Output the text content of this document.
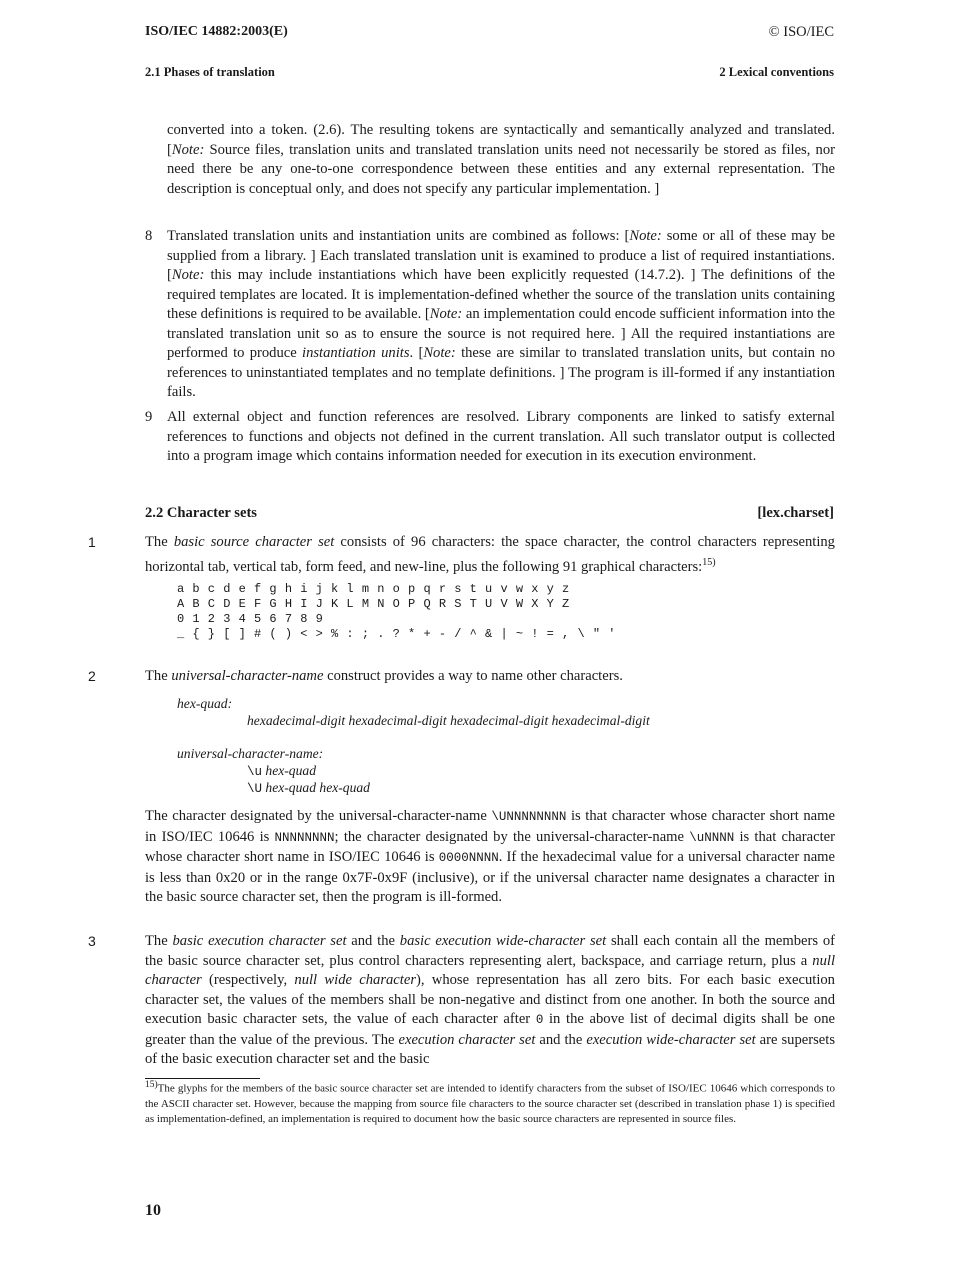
ISO/IEC 14882:2003(E)	© ISO/IEC
2.1 Phases of translation	2 Lexical conventions

converted into a token. (2.6). The resulting tokens are syntactically and semantically analyzed and translated. [Note: Source files, translation units and translated translation units need not necessarily be stored as files, nor need there be any one-to-one correspondence between these entities and any external representation. The description is conceptual only, and does not specify any particular implementation. ]

8 Translated translation units and instantiation units are combined as follows: [Note: some or all of these may be supplied from a library. ] Each translated translation unit is examined to produce a list of required instantiations. [Note: this may include instantiations which have been explicitly requested (14.7.2). ] The definitions of the required templates are located. It is implementation-defined whether the source of the translation units containing these definitions is required to be available. [Note: an implementation could encode sufficient information into the translated translation unit so as to ensure the source is not required here. ] All the required instantiations are performed to produce instantiation units. [Note: these are similar to translated translation units, but contain no references to uninstantiated templates and no template definitions. ] The program is ill-formed if any instantiation fails.

9 All external object and function references are resolved. Library components are linked to satisfy external references to functions and objects not defined in the current translation. All such translator output is collected into a program image which contains information needed for execution in its execution environment.

2.2 Character sets	[lex.charset]
1	The basic source character set consists of 96 characters: the space character, the control characters representing horizontal tab, vertical tab, form feed, and new-line, plus the following 91 graphical characters:$^{15)}$

a b c d e f g h i j k l m n o p q r s t u v w x y z
A B C D E F G H I J K L M N O P Q R S T U V W X Y Z
0 1 2 3 4 5 6 7 8 9
_ { } [ ] # ( ) < > % : ; . ? * + - / ^ & | ~ ! = , \ " '
2	The universal-character-name construct provides a way to name other characters.

hex-quad:
hexadecimal-digit hexadecimal-digit hexadecimal-digit hexadecimal-digit
universal-character-name:
\u hex-quad
\U hex-quad hex-quad

The character designated by the universal-character-name \UNNNNNNNN is that character whose character short name in ISO/IEC 10646 is NNNNNNNN; the character designated by the universal-character-name \uNNNN is that character whose character short name in ISO/IEC 10646 is 0000NNNN. If the hexadecimal value for a universal character name is less than 0x20 or in the range 0x7F-0x9F (inclusive), or if the universal character name designates a character in the basic source character set, then the program is ill-formed.

3	The basic execution character set and the basic execution wide-character set shall each contain all the members of the basic source character set, plus control characters representing alert, backspace, and carriage return, plus a null character (respectively, null wide character), whose representation has all zero bits. For each basic execution character set, the values of the members shall be non-negative and distinct from one another. In both the source and execution basic character sets, the value of each character after 0 in the above list of decimal digits shall be one greater than the value of the previous. The execution character set and the execution wide-character set are supersets of the basic execution character set and the basic

$^{15)}$The glyphs for the members of the basic source character set are intended to identify characters from the subset of ISO/IEC 10646 which corresponds to the ASCII character set. However, because the mapping from source file characters to the source character set (described in translation phase 1) is specified as implementation-defined, an implementation is required to document how the basic source characters are represented in source files.

10
